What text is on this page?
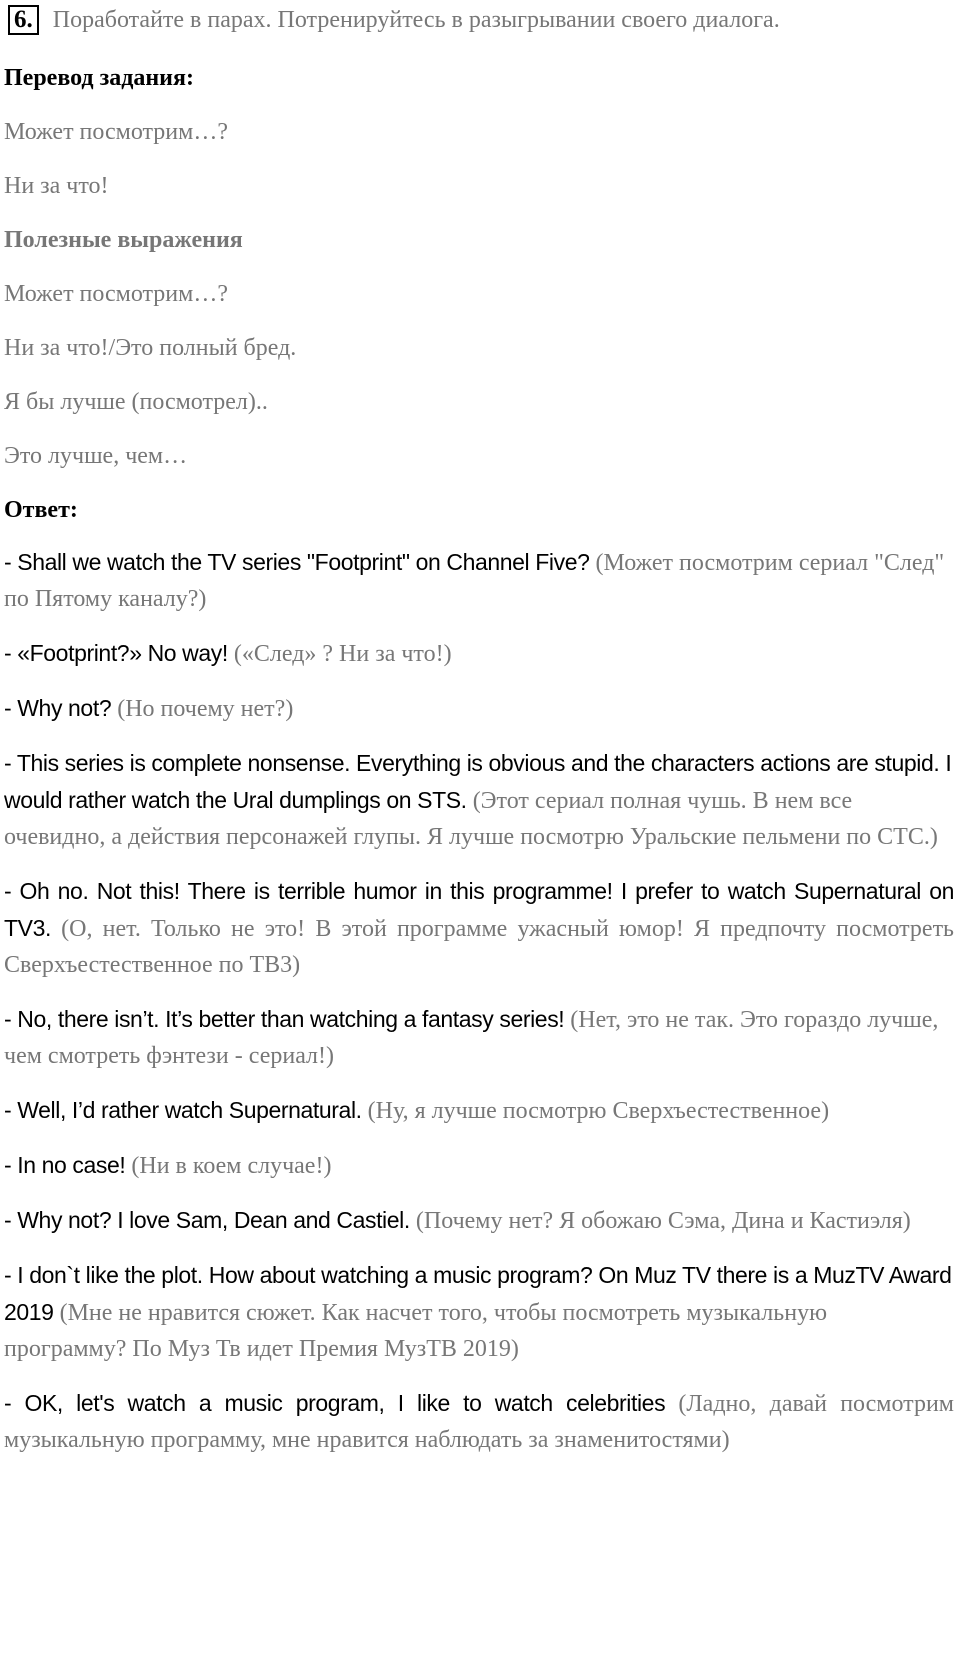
6. Поработайте в парах. Потренируйтесь в разыгрывании своего диалога.
Перевод задания:
Может посмотрим…?
Ни за что!
Полезные выражения
Может посмотрим…?
Ни за что!/Это полный бред.
Я бы лучше (посмотрел)..
Это лучше, чем…
Ответ:
- Shall we watch the TV series "Footprint" on Channel Five? (Может посмотрим сериал "След" по Пятому каналу?)
- «Footprint?» No way! («След» ? Ни за что!)
- Why not? (Но почему нет?)
- This series is complete nonsense. Everything is obvious and the characters actions are stupid. I would rather watch the Ural dumplings on STS. (Этот сериал полная чушь. В нем все очевидно, а действия персонажей глупы. Я лучше посмотрю Уральские пельмени по СТС.)
- Oh no. Not this! There is terrible humor in this programme! I prefer to watch Supernatural on TV3. (О, нет. Только не это! В этой программе ужасный юмор! Я предпочту посмотреть Сверхъестественное по ТВ3)
- No, there isn’t. It’s better than watching a fantasy series! (Нет, это не так. Это гораздо лучше, чем смотреть фэнтези - сериал!)
- Well, I’d rather watch Supernatural. (Ну, я лучше посмотрю Сверхъестественное)
- In no case! (Ни в коем случае!)
- Why not? I love Sam, Dean and Castiel. (Почему нет? Я обожаю Сэма, Дина и Кастиэля)
- I don`t like the plot. How about watching a music program? On Muz TV there is a MuzTV Award 2019 (Мне не нравится сюжет. Как насчет того, чтобы посмотреть музыкальную программу? По Муз Тв идет Премия МузТВ 2019)
- OK, let's watch a music program, I like to watch celebrities (Ладно, давай посмотрим музыкальную программу, мне нравится наблюдать за знаменитостями)
